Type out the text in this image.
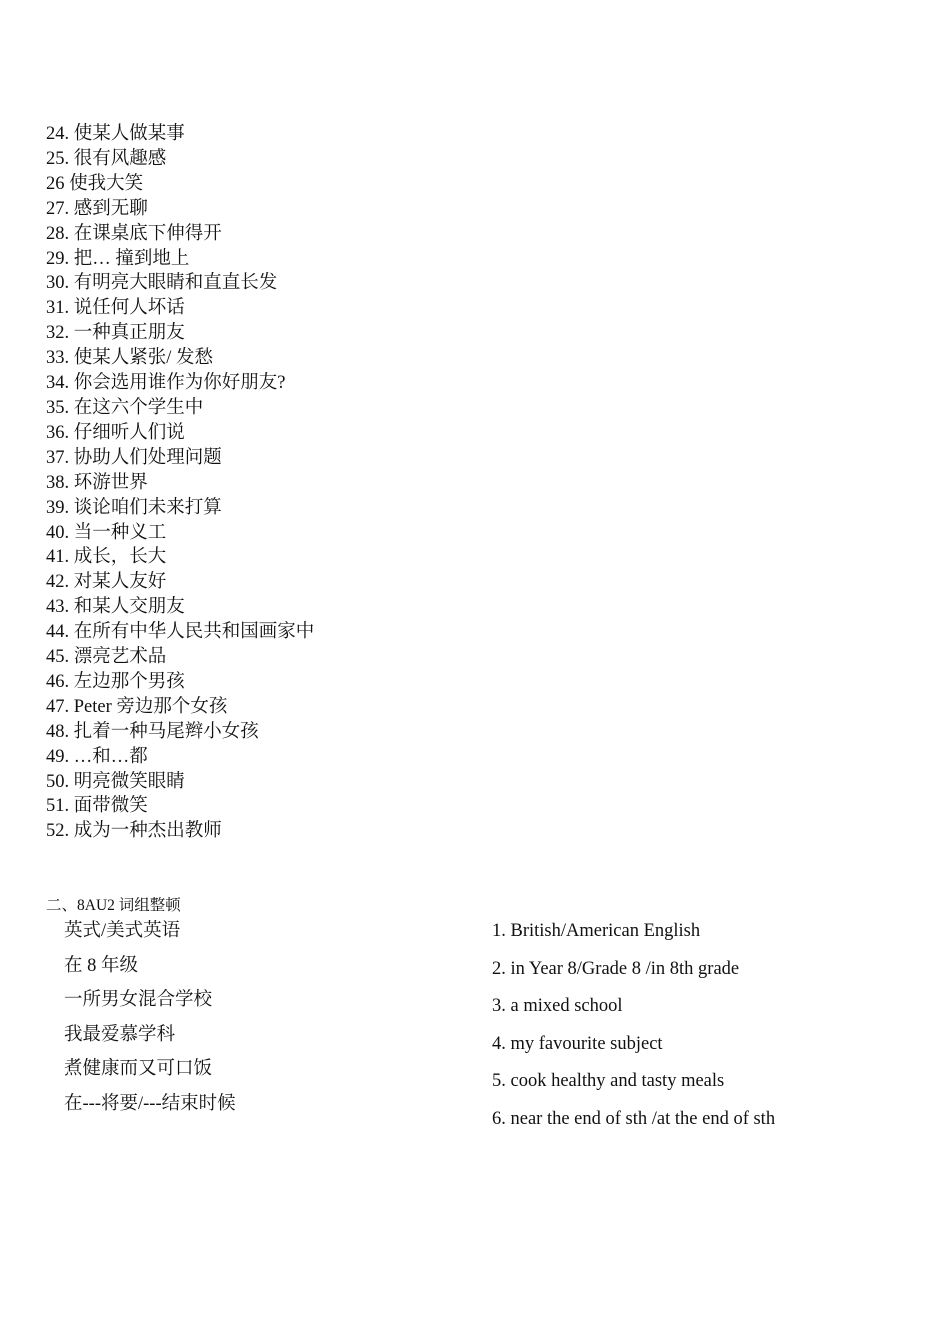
24. 使某人做某事
25. 很有风趣感
26 使我大笑
27. 感到无聊
28. 在课桌底下伸得开
29. 把… 撞到地上
30. 有明亮大眼睛和直直长发
31. 说任何人坏话
32. 一种真正朋友
33. 使某人紧张/ 发愁
34. 你会选用谁作为你好朋友?
35. 在这六个学生中
36. 仔细听人们说
37. 协助人们处理问题
38. 环游世界
39. 谈论咱们未来打算
40. 当一种义工
41. 成长，长大
42. 对某人友好
43. 和某人交朋友
44. 在所有中华人民共和国画家中
45. 漂亮艺术品
46. 左边那个男孩
47. Peter 旁边那个女孩
48. 扎着一种马尾辫小女孩
49. …和…都
50. 明亮微笑眼睛
51. 面带微笑
52. 成为一种杰出教师
二、8AU2 词组整顿
英式/美式英语
在 8 年级
一所男女混合学校
我最爱慕学科
煮健康而又可口饭
在---将要/---结束时候
1. British/American English
2. in Year 8/Grade 8 /in 8th grade
3. a mixed school
4. my favourite subject
5. cook healthy and tasty meals
6. near the end of sth /at the end of sth
